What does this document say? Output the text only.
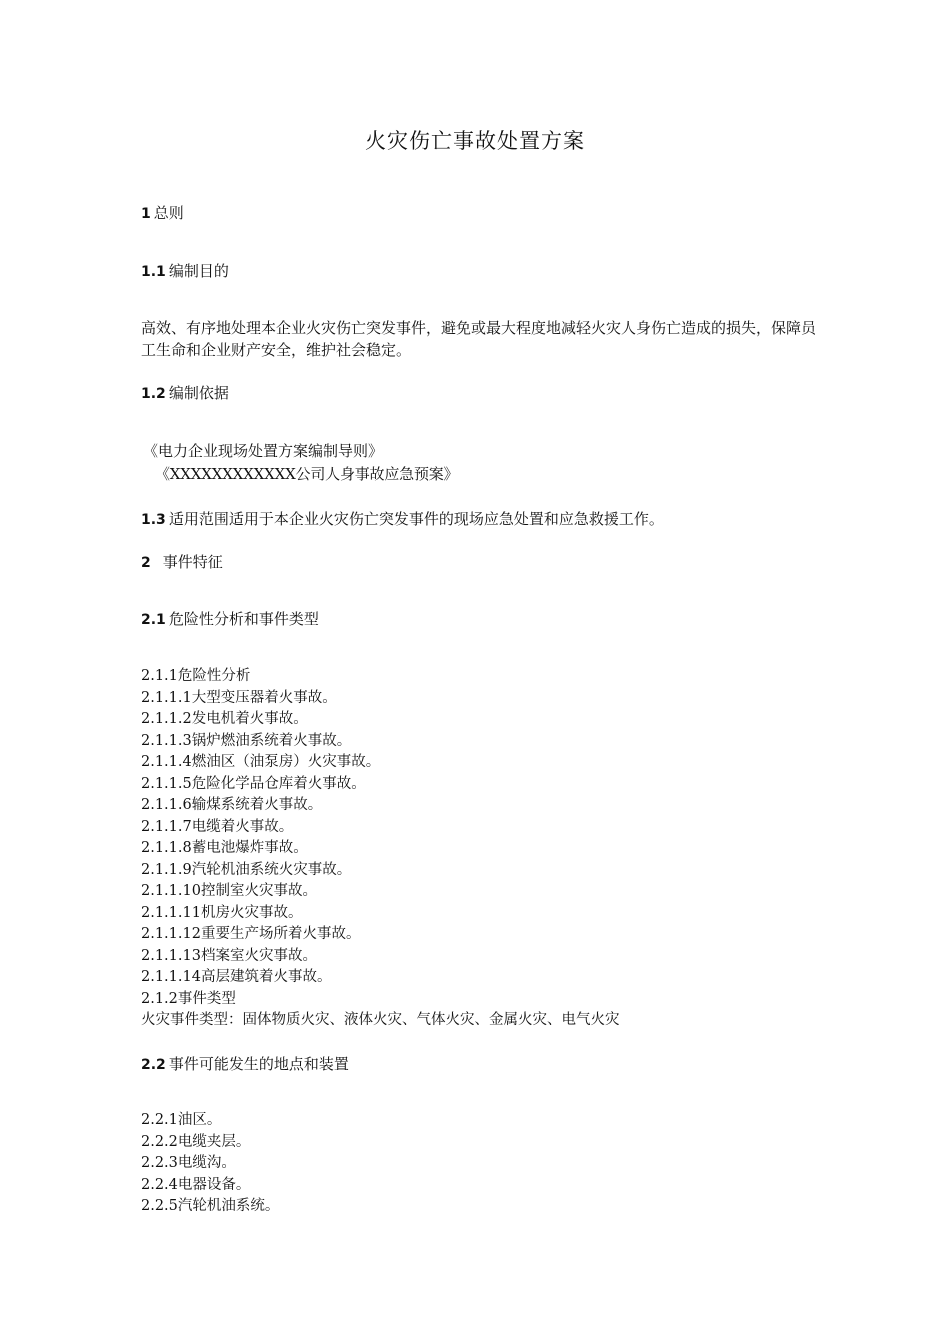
火灾伤亡事故处置方案
1 总则
1.1 编制目的
高效、有序地处理本企业火灾伤亡突发事件，避免或最大程度地减轻火灾人身伤亡造成的损失，保障员工生命和企业财产安全，维护社会稳定。
1.2 编制依据
《电力企业现场处置方案编制导则》
《XXXXXXXXXXXX公司人身事故应急预案》
1.3 适用范围适用于本企业火灾伤亡突发事件的现场应急处置和应急救援工作。
2 事件特征
2.1 危险性分析和事件类型
2.1.1危险性分析
2.1.1.1大型变压器着火事故。
2.1.1.2发电机着火事故。
2.1.1.3锅炉燃油系统着火事故。
2.1.1.4燃油区（油泵房）火灾事故。
2.1.1.5危险化学品仓库着火事故。
2.1.1.6输煤系统着火事故。
2.1.1.7电缆着火事故。
2.1.1.8蓄电池爆炸事故。
2.1.1.9汽轮机油系统火灾事故。
2.1.1.10控制室火灾事故。
2.1.1.11机房火灾事故。
2.1.1.12重要生产场所着火事故。
2.1.1.13档案室火灾事故。
2.1.1.14高层建筑着火事故。
2.1.2事件类型
火灾事件类型：固体物质火灾、液体火灾、气体火灾、金属火灾、电气火灾
2.2 事件可能发生的地点和装置
2.2.1油区。
2.2.2电缆夹层。
2.2.3电缆沟。
2.2.4电器设备。
2.2.5汽轮机油系统。
